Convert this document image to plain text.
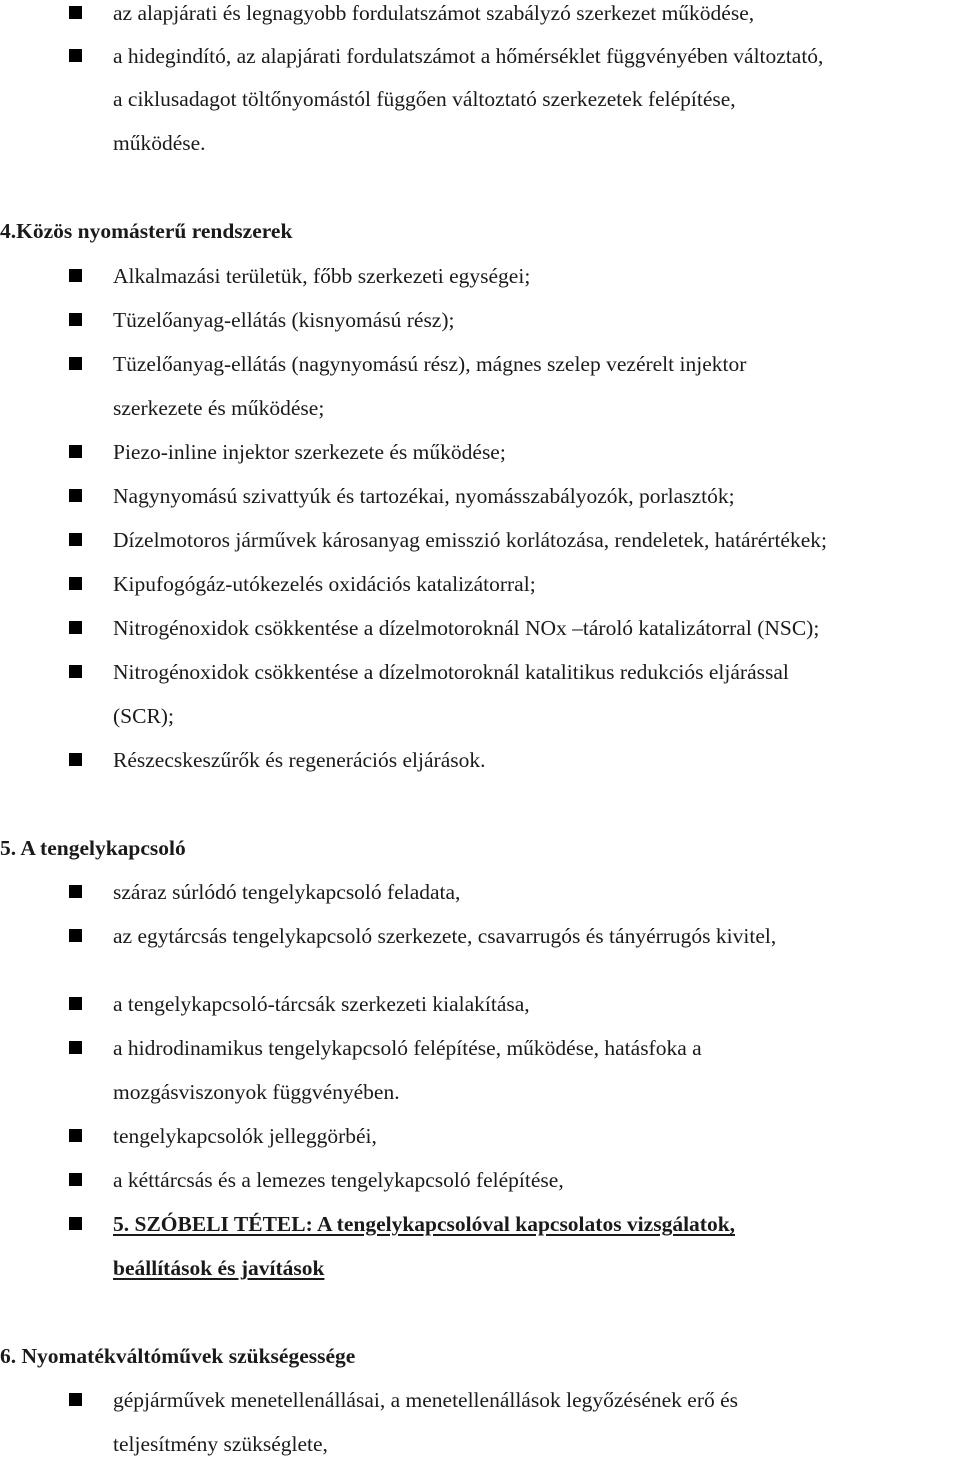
az alapjárati és legnagyobb fordulatszámot szabályzó szerkezet működése,
a hidegindító, az alapjárati fordulatszámot a hőmérséklet függvényében változtató,
a ciklusadagot töltőnyomástól függően változtató szerkezetek felépítése,
működése.
4.Közös nyomásterű rendszerek
Alkalmazási területük, főbb szerkezeti egységei;
Tüzelőanyag-ellátás (kisnyomású rész);
Tüzelőanyag-ellátás (nagynyomású rész), mágnes szelep vezérelt injektor
szerkezete és működése;
Piezo-inline injektor szerkezete és működése;
Nagynyomású szivattyúk és tartozékai, nyomásszabályozók, porlasztók;
Dízelmotoros járművek károsanyag emisszió korlátozása, rendeletek, határértékek;
Kipufogógáz-utókezelés oxidációs katalizátorral;
Nitrogénoxidok csökkentése a dízelmotoroknál NOx –tároló katalizátorral (NSC);
Nitrogénoxidok csökkentése a dízelmotoroknál katalitikus redukciós eljárással
(SCR);
Részecskeszűrők és regenerációs eljárások.
5. A tengelykapcsoló
száraz súrlódó tengelykapcsoló feladata,
az egytárcsás tengelykapcsoló szerkezete, csavarrugós és tányérrugós kivitel,
a tengelykapcsoló-tárcsák szerkezeti kialakítása,
a hidrodinamikus tengelykapcsoló felépítése, működése, hatásfoka a
mozgásviszonyok függvényében.
tengelykapcsolók jelleggörbéi,
a kéttárcsás és a lemezes tengelykapcsoló felépítése,
5. SZÓBELI TÉTEL: A tengelykapcsolóval kapcsolatos vizsgálatok,
beállítások és javítások
6. Nyomatékváltóművek szükségessége
gépjárművek menetellenállásai, a menetellenállások legyőzésének erő és
teljesítmény szükséglete,
